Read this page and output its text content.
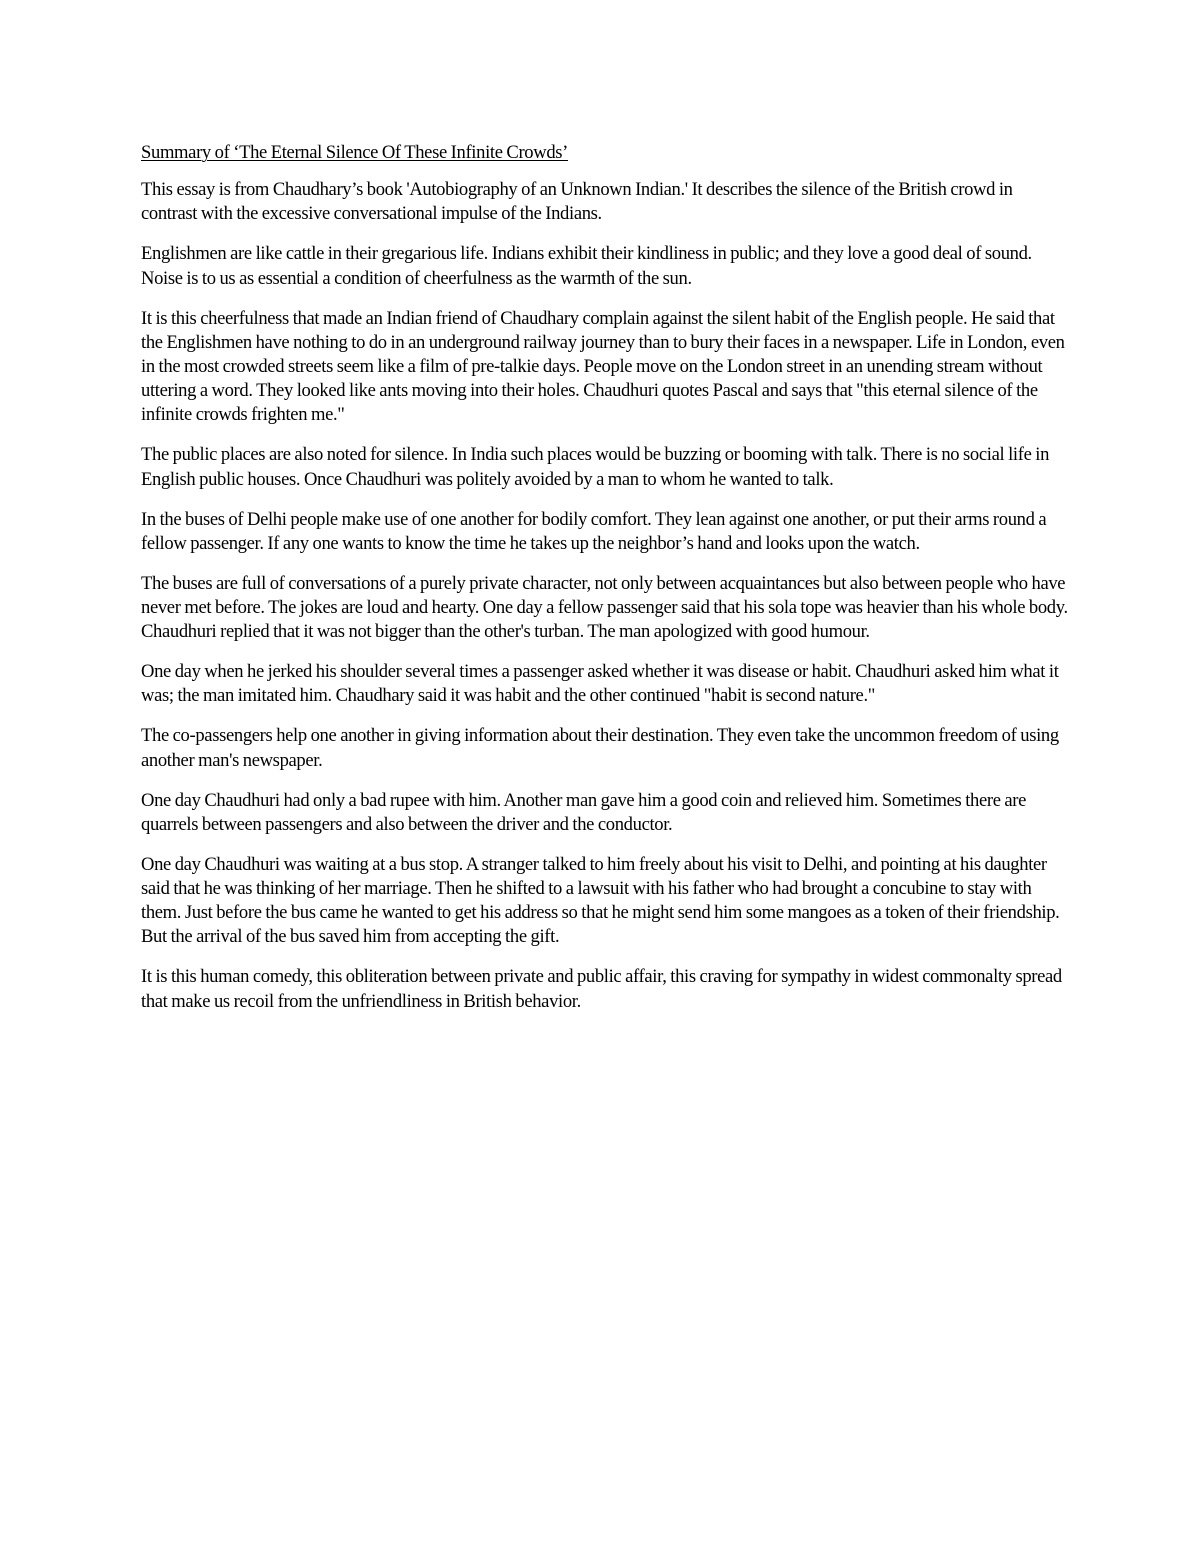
Summary of ‘The Eternal Silence Of These Infinite Crowds’

This essay is from Chaudhary’s book 'Autobiography of an Unknown Indian.' It describes the silence of the British crowd in contrast with the excessive conversational impulse of the Indians.

Englishmen are like cattle in their gregarious life. Indians exhibit their kindliness in public; and they love a good deal of sound. Noise is to us as essential a condition of cheerfulness as the warmth of the sun.

It is this cheerfulness that made an Indian friend of Chaudhary complain against the silent habit of the English people. He said that the Englishmen have nothing to do in an underground railway journey than to bury their faces in a newspaper. Life in London, even in the most crowded streets seem like a film of pre-talkie days. People move on the London street in an unending stream without uttering a word. They looked like ants moving into their holes. Chaudhuri quotes Pascal and says that "this eternal silence of the infinite crowds frighten me."

The public places are also noted for silence. In India such places would be buzzing or booming with talk. There is no social life in English public houses. Once Chaudhuri was politely avoided by a man to whom he wanted to talk.

In the buses of Delhi people make use of one another for bodily comfort. They lean against one another, or put their arms round a fellow passenger. If any one wants to know the time he takes up the neighbor’s hand and looks upon the watch.

The buses are full of conversations of a purely private character, not only between acquaintances but also between people who have never met before. The jokes are loud and hearty. One day a fellow passenger said that his sola tope was heavier than his whole body. Chaudhuri replied that it was not bigger than the other's turban. The man apologized with good humour.

One day when he jerked his shoulder several times a passenger asked whether it was disease or habit. Chaudhuri asked him what it was; the man imitated him. Chaudhary said it was habit and the other continued "habit is second nature."

The co-passengers help one another in giving information about their destination. They even take the uncommon freedom of using another man's newspaper.

One day Chaudhuri had only a bad rupee with him. Another man gave him a good coin and relieved him. Sometimes there are quarrels between passengers and also between the driver and the conductor.

One day Chaudhuri was waiting at a bus stop. A stranger talked to him freely about his visit to Delhi, and pointing at his daughter said that he was thinking of her marriage. Then he shifted to a lawsuit with his father who had brought a concubine to stay with them. Just before the bus came he wanted to get his address so that he might send him some mangoes as a token of their friendship. But the arrival of the bus saved him from accepting the gift.

It is this human comedy, this obliteration between private and public affair, this craving for sympathy in widest commonalty spread that make us recoil from the unfriendliness in British behavior.
